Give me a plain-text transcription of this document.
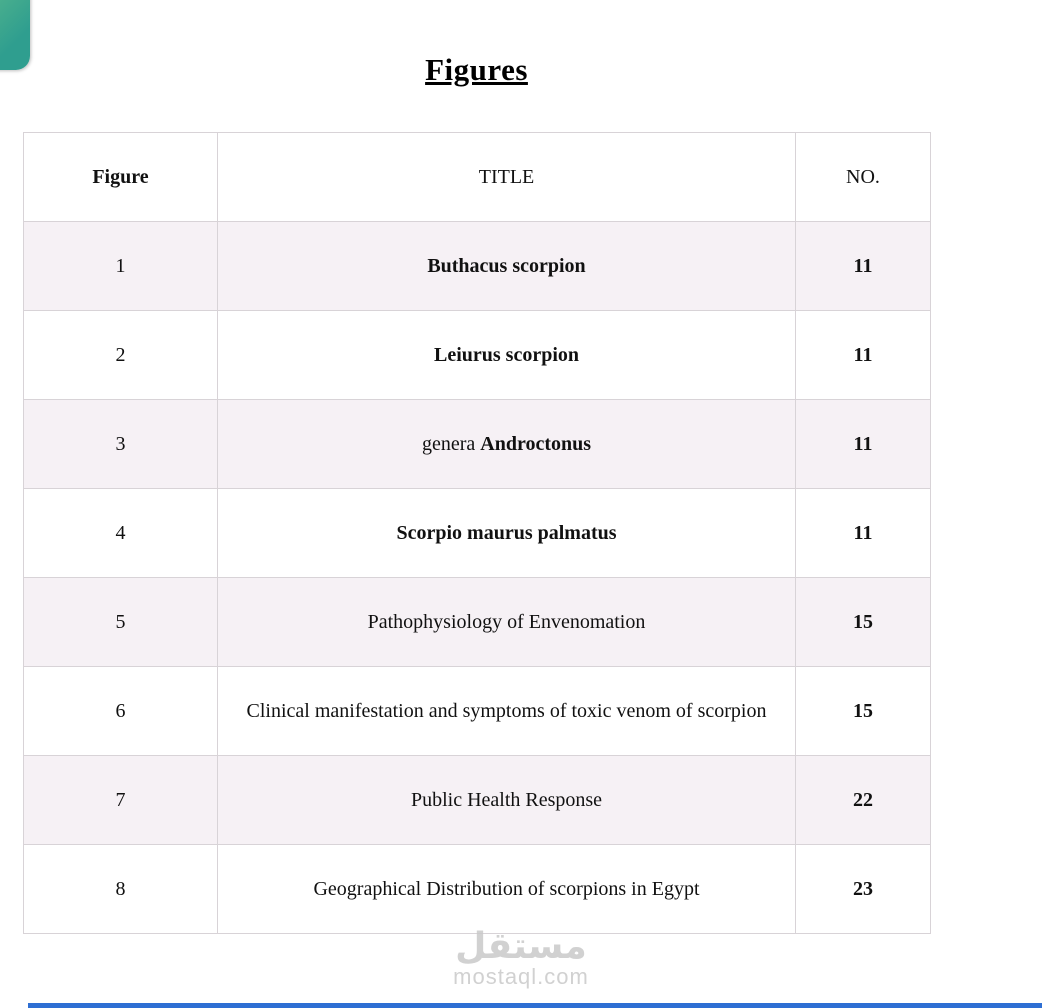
Figures
Figure	TITLE	NO.
1	Buthacus scorpion	11
2	Leiurus scorpion	11
3	genera Androctonus	11
4	Scorpio maurus palmatus	11
5	Pathophysiology of Envenomation	15
6	Clinical manifestation and symptoms of toxic venom of scorpion	15
7	Public Health Response	22
8	Geographical Distribution of scorpions in Egypt	23
مستقل
mostaql.com
